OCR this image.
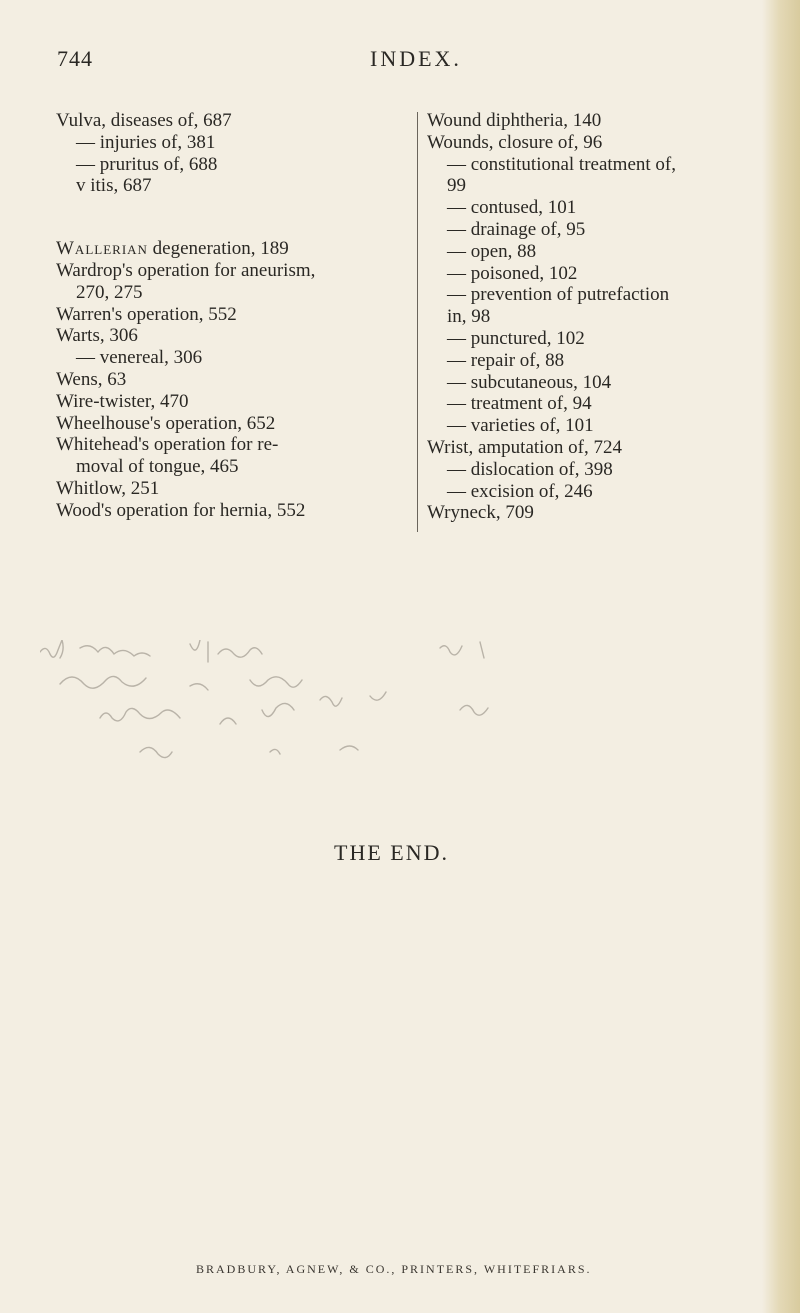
744	INDEX.
Vulva, diseases of, 687
— injuries of, 381
— pruritus of, 688
v itis, 687
Wallerian degeneration, 189
Wardrop's operation for aneurism,
270, 275
Warren's operation, 552
Warts, 306
— venereal, 306
Wens, 63
Wire-twister, 470
Wheelhouse's operation, 652
Whitehead's operation for re-
moval of tongue, 465
Whitlow, 251
Wood's operation for hernia, 552
Wound diphtheria, 140
Wounds, closure of, 96
— constitutional treatment of,
99
— contused, 101
— drainage of, 95
— open, 88
— poisoned, 102
— prevention of putrefaction
in, 98
— punctured, 102
— repair of, 88
— subcutaneous, 104
— treatment of, 94
— varieties of, 101
Wrist, amputation of, 724
— dislocation of, 398
— excision of, 246
Wryneck, 709
THE END.
BRADBURY, AGNEW, & CO., PRINTERS, WHITEFRIARS.
